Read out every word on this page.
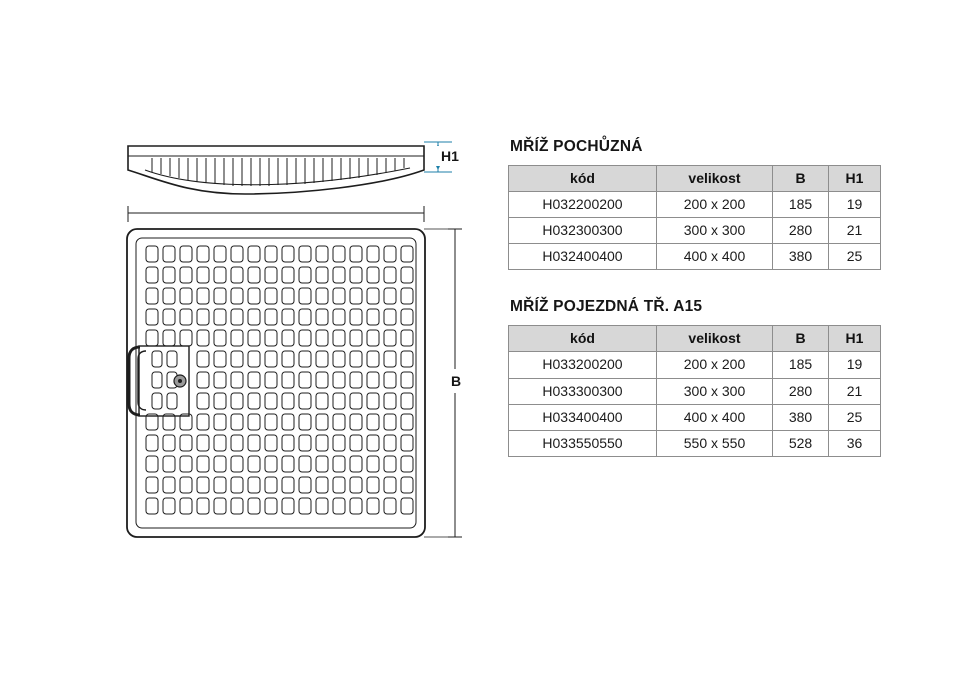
H1
B
MŘÍŽ POCHŮZNÁ
kód	velikost	B	H1
H032200200	200 x 200	185	19
H032300300	300 x 300	280	21
H032400400	400 x 400	380	25
MŘÍŽ POJEZDNÁ TŘ. A15
kód	velikost	B	H1
H033200200	200 x 200	185	19
H033300300	300 x 300	280	21
H033400400	400 x 400	380	25
H033550550	550 x 550	528	36
